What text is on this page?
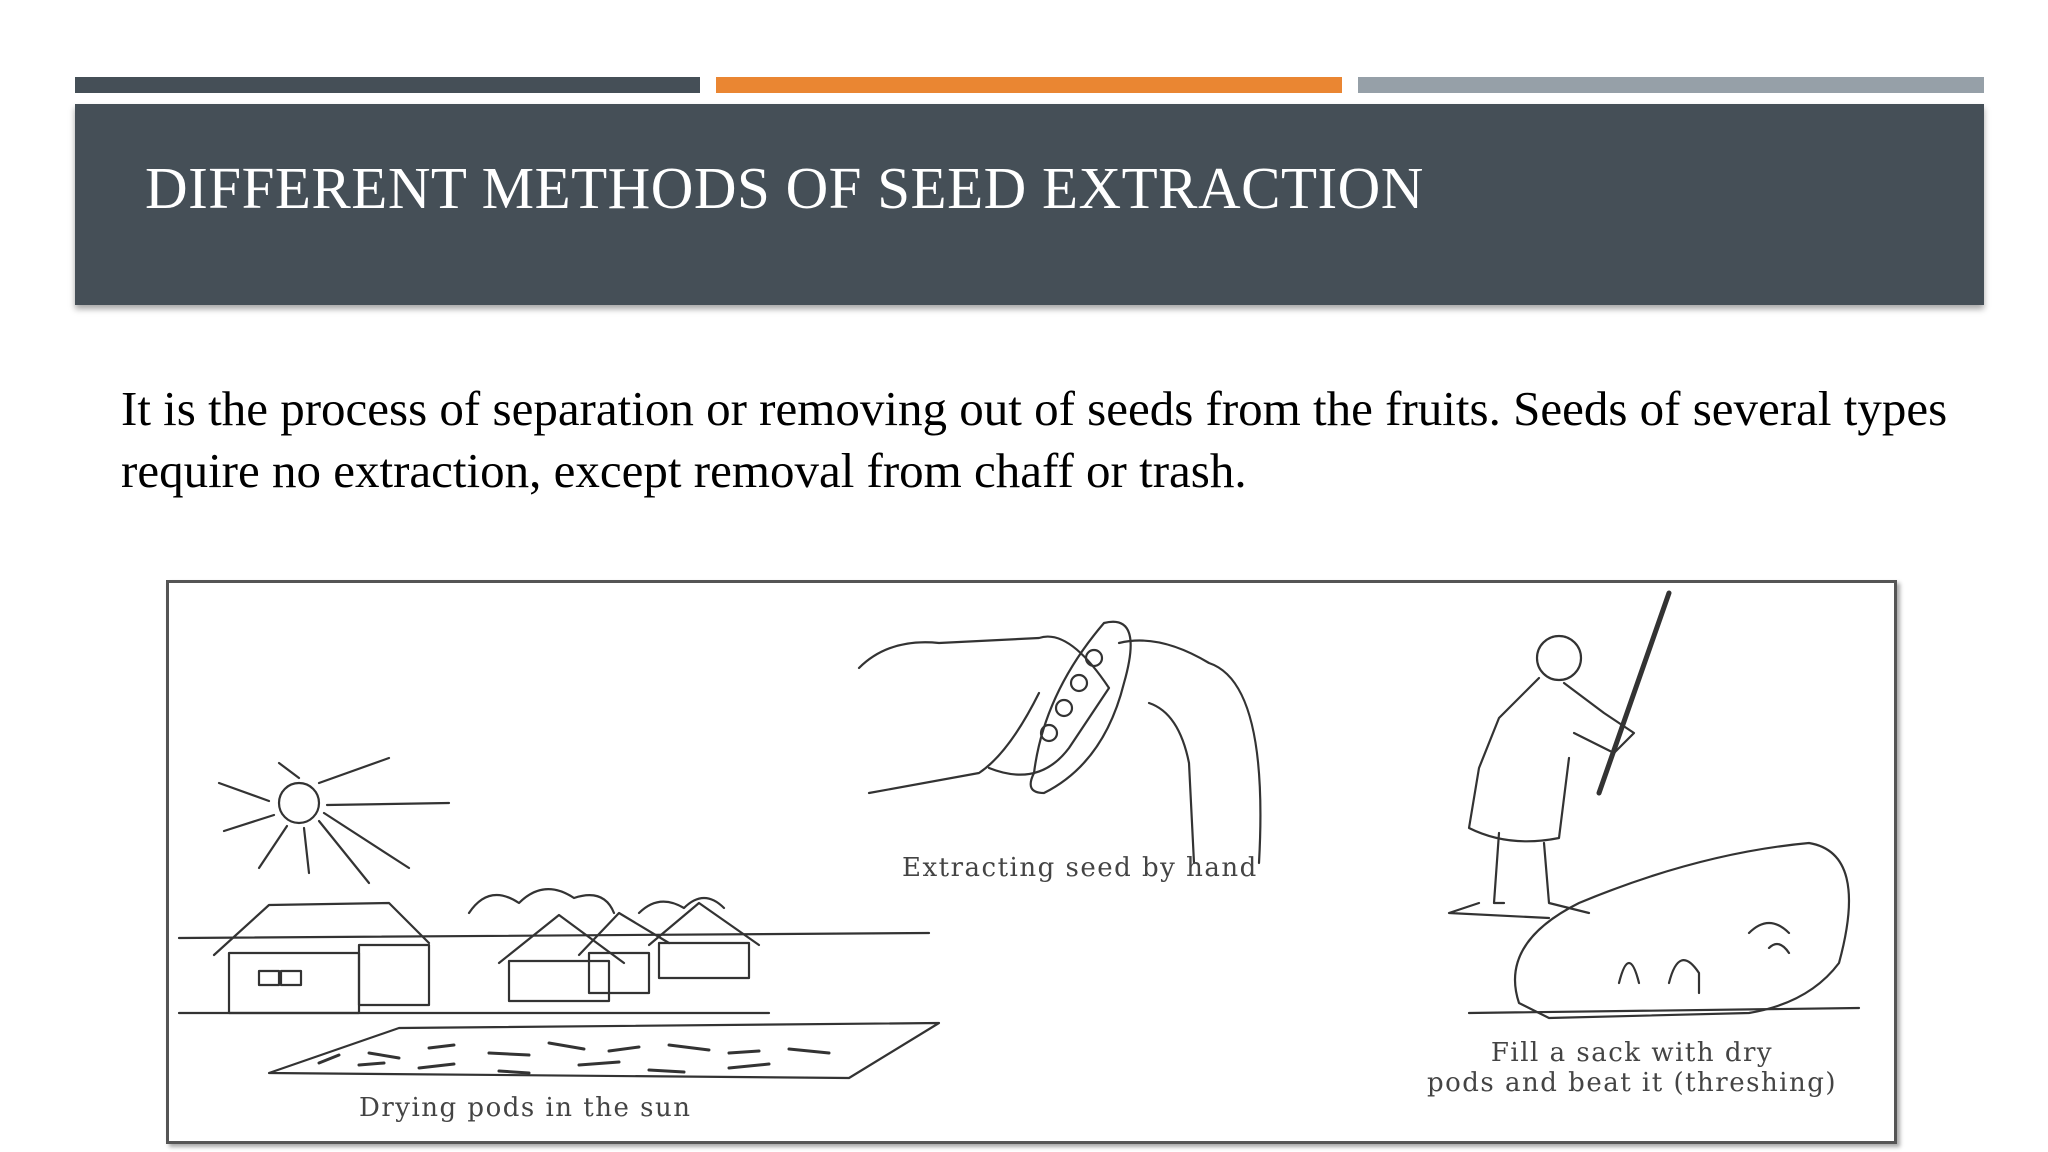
DIFFERENT METHODS OF SEED EXTRACTION
It is the process of separation or removing out of seeds from the fruits. Seeds of several types require no extraction, except removal from chaff or trash.
Drying pods in the sun
Extracting seed by hand
Fill a sack with dry
pods and beat it (threshing)
